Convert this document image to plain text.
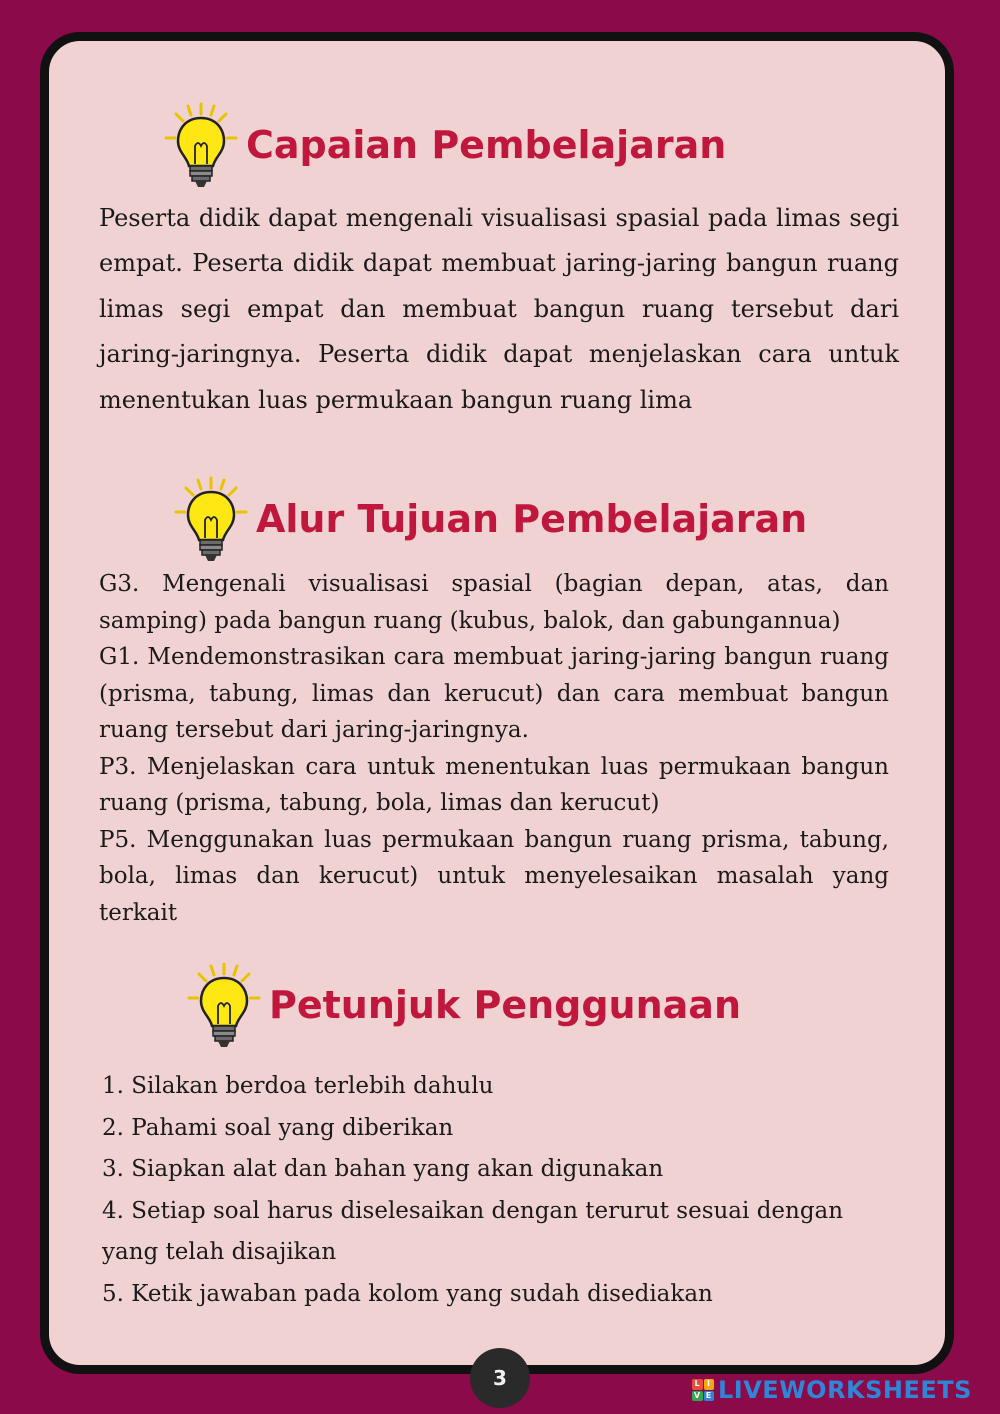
Capaian Pembelajaran
Peserta didik dapat mengenali visualisasi spasial pada limas segi empat. Peserta didik dapat membuat jaring-jaring bangun ruang limas segi empat dan membuat bangun ruang tersebut dari jaring-jaringnya. Peserta didik dapat menjelaskan cara untuk menentukan luas permukaan bangun ruang lima
Alur Tujuan Pembelajaran
G3. Mengenali visualisasi spasial (bagian depan, atas, dan samping) pada bangun ruang (kubus, balok, dan gabungannua)
G1. Mendemonstrasikan cara membuat jaring-jaring bangun ruang (prisma, tabung, limas dan kerucut) dan cara membuat bangun ruang tersebut dari jaring-jaringnya.
P3. Menjelaskan cara untuk menentukan luas permukaan bangun ruang (prisma, tabung, bola, limas dan kerucut)
P5. Menggunakan luas permukaan bangun ruang prisma, tabung, bola, limas dan kerucut) untuk menyelesaikan masalah yang terkait
Petunjuk Penggunaan
1. Silakan berdoa terlebih dahulu
2. Pahami soal yang diberikan
3. Siapkan alat dan bahan yang akan digunakan
4. Setiap soal harus diselesaikan dengan terurut sesuai dengan yang telah disajikan
5. Ketik jawaban pada kolom yang sudah disediakan
3	L I
V E LIVEWORKSHEETS
